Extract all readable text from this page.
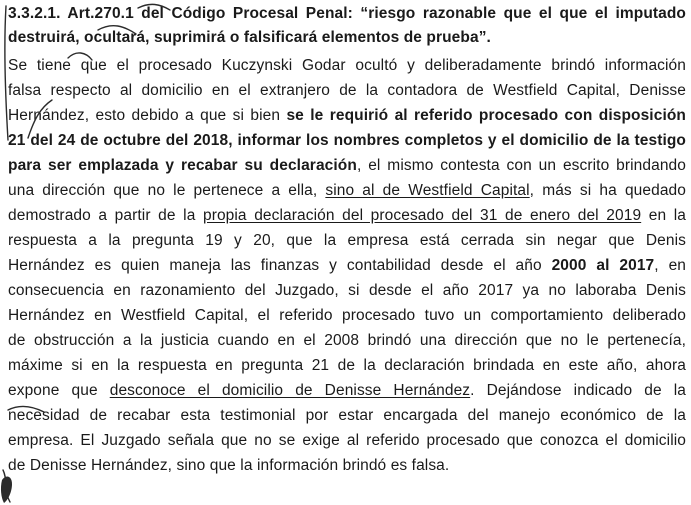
3.3.2.1. Art.270.1 del Código Procesal Penal: “riesgo razonable que el que el imputado
destruirá, ocultará, suprimirá o falsificará elementos de prueba”.
Se tiene que el procesado Kuczynski Godar ocultó y deliberadamente brindó información
falsa respecto al domicilio en el extranjero de la contadora de Westfield Capital, Denisse
Hernández, esto debido a que si bien se le requirió al referido procesado con disposición
21 del 24 de octubre del 2018, informar los nombres completos y el domicilio de la testigo
para ser emplazada y recabar su declaración, el mismo contesta con un escrito brindando
una dirección que no le pertenece a ella, sino al de Westfield Capital, más si ha quedado
demostrado a partir de la propia declaración del procesado del 31 de enero del 2019 en la
respuesta a la pregunta 19 y 20, que la empresa está cerrada sin negar que Denis
Hernández es quien maneja las finanzas y contabilidad desde el año 2000 al 2017, en
consecuencia en razonamiento del Juzgado, si desde el año 2017 ya no laboraba Denis
Hernández en Westfield Capital, el referido procesado tuvo un comportamiento deliberado
de obstrucción a la justicia cuando en el 2008 brindó una dirección que no le pertenecía,
máxime si en la respuesta en pregunta 21 de la declaración brindada en este año, ahora
expone que desconoce el domicilio de Denisse Hernández. Dejándose indicado de la
necesidad de recabar esta testimonial por estar encargada del manejo económico de la
empresa. El Juzgado señala que no se exige al referido procesado que conozca el domicilio
de Denisse Hernández, sino que la información brindó es falsa.
